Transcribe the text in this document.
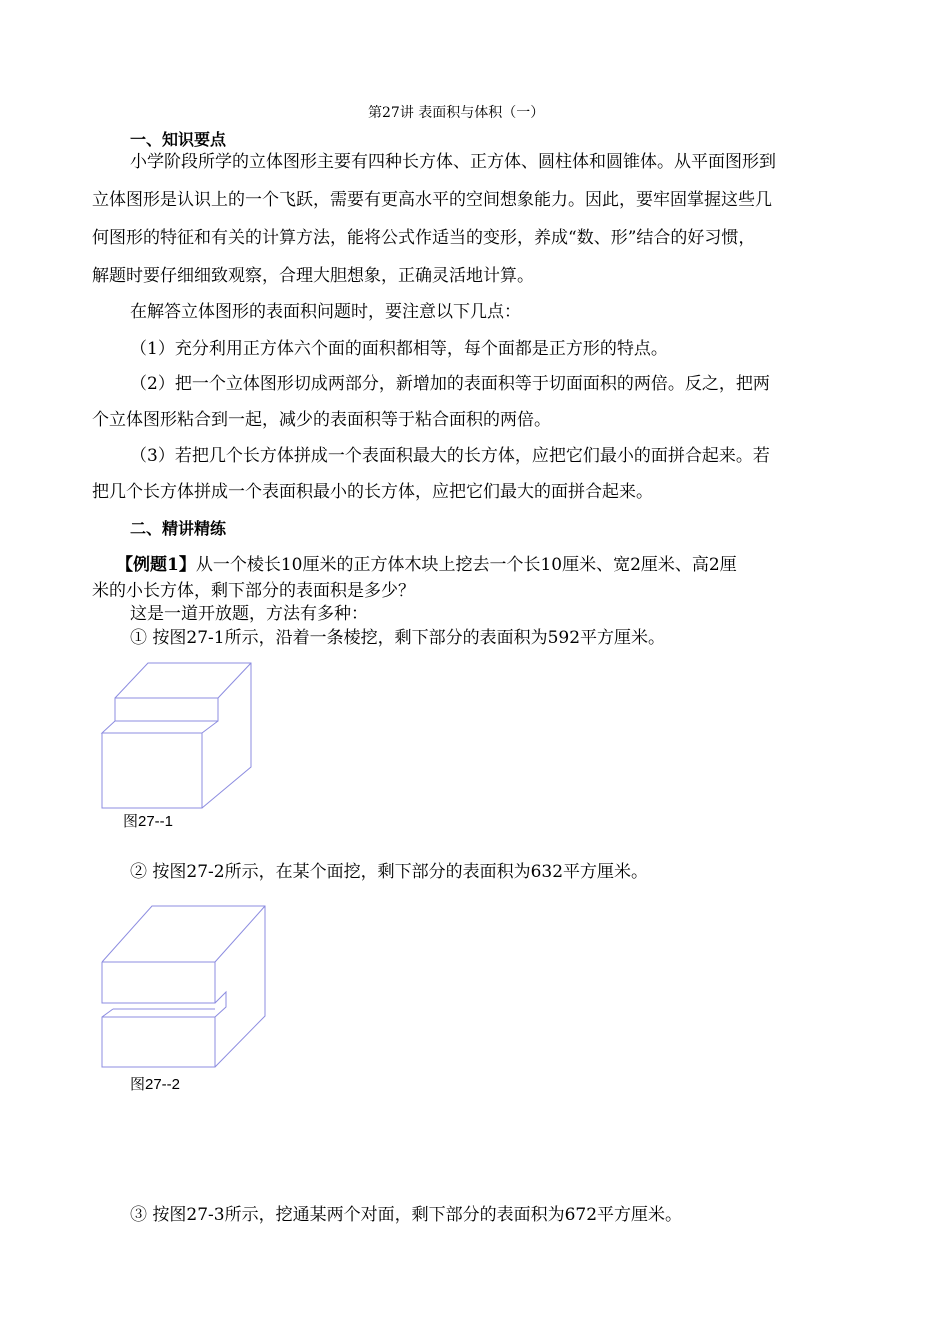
第27讲 表面积与体积（一）
一、知识要点
小学阶段所学的立体图形主要有四种长方体、正方体、圆柱体和圆锥体。从平面图形到
立体图形是认识上的一个飞跃，需要有更高水平的空间想象能力。因此，要牢固掌握这些几
何图形的特征和有关的计算方法，能将公式作适当的变形，养成“数、形”结合的好习惯，
解题时要仔细细致观察，合理大胆想象，正确灵活地计算。
在解答立体图形的表面积问题时，要注意以下几点：
（1）充分利用正方体六个面的面积都相等，每个面都是正方形的特点。
（2）把一个立体图形切成两部分，新增加的表面积等于切面面积的两倍。反之，把两
个立体图形粘合到一起，减少的表面积等于粘合面积的两倍。
（3）若把几个长方体拼成一个表面积最大的长方体，应把它们最小的面拼合起来。若
把几个长方体拼成一个表面积最小的长方体，应把它们最大的面拼合起来。
二、精讲精练
【例题1】从一个棱长10厘米的正方体木块上挖去一个长10厘米、宽2厘米、高2厘
米的小长方体，剩下部分的表面积是多少？
这是一道开放题，方法有多种：
① 按图27-1所示，沿着一条棱挖，剩下部分的表面积为592平方厘米。
图27--1
② 按图27-2所示，在某个面挖，剩下部分的表面积为632平方厘米。
图27--2
③ 按图27-3所示，挖通某两个对面，剩下部分的表面积为672平方厘米。
